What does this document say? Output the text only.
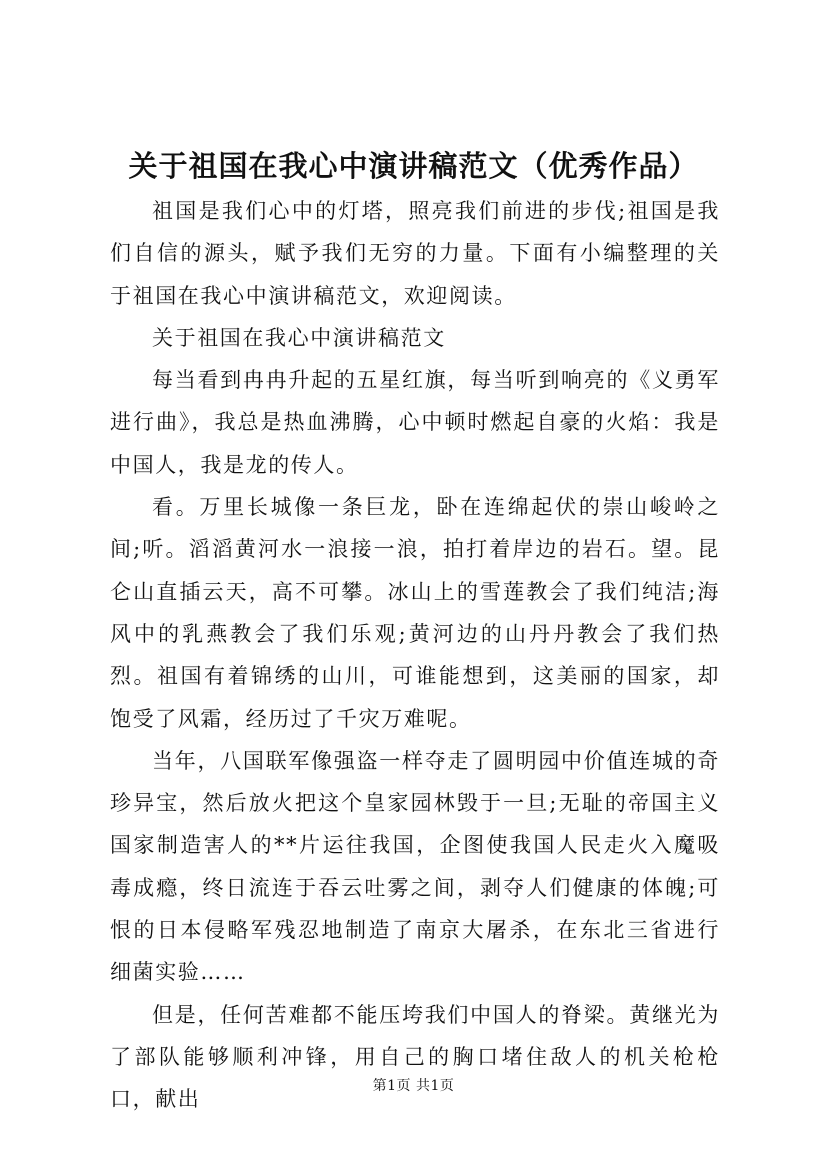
关于祖国在我心中演讲稿范文（优秀作品）

祖国是我们心中的灯塔，照亮我们前进的步伐;祖国是我们自信的源头，赋予我们无穷的力量。下面有小编整理的关于祖国在我心中演讲稿范文，欢迎阅读。

关于祖国在我心中演讲稿范文

每当看到冉冉升起的五星红旗，每当听到响亮的《义勇军进行曲》，我总是热血沸腾，心中顿时燃起自豪的火焰：我是中国人，我是龙的传人。

看。万里长城像一条巨龙，卧在连绵起伏的崇山峻岭之间;听。滔滔黄河水一浪接一浪，拍打着岸边的岩石。望。昆仑山直插云天，高不可攀。冰山上的雪莲教会了我们纯洁;海风中的乳燕教会了我们乐观;黄河边的山丹丹教会了我们热烈。祖国有着锦绣的山川，可谁能想到，这美丽的国家，却饱受了风霜，经历过了千灾万难呢。

当年，八国联军像强盗一样夺走了圆明园中价值连城的奇珍异宝，然后放火把这个皇家园林毁于一旦;无耻的帝国主义国家制造害人的**片运往我国，企图使我国人民走火入魔吸毒成瘾，终日流连于吞云吐雾之间，剥夺人们健康的体魄;可恨的日本侵略军残忍地制造了南京大屠杀，在东北三省进行细菌实验……

但是，任何苦难都不能压垮我们中国人的脊梁。黄继光为了部队能够顺利冲锋，用自己的胸口堵住敌人的机关枪枪口，献出

第1页 共1页
